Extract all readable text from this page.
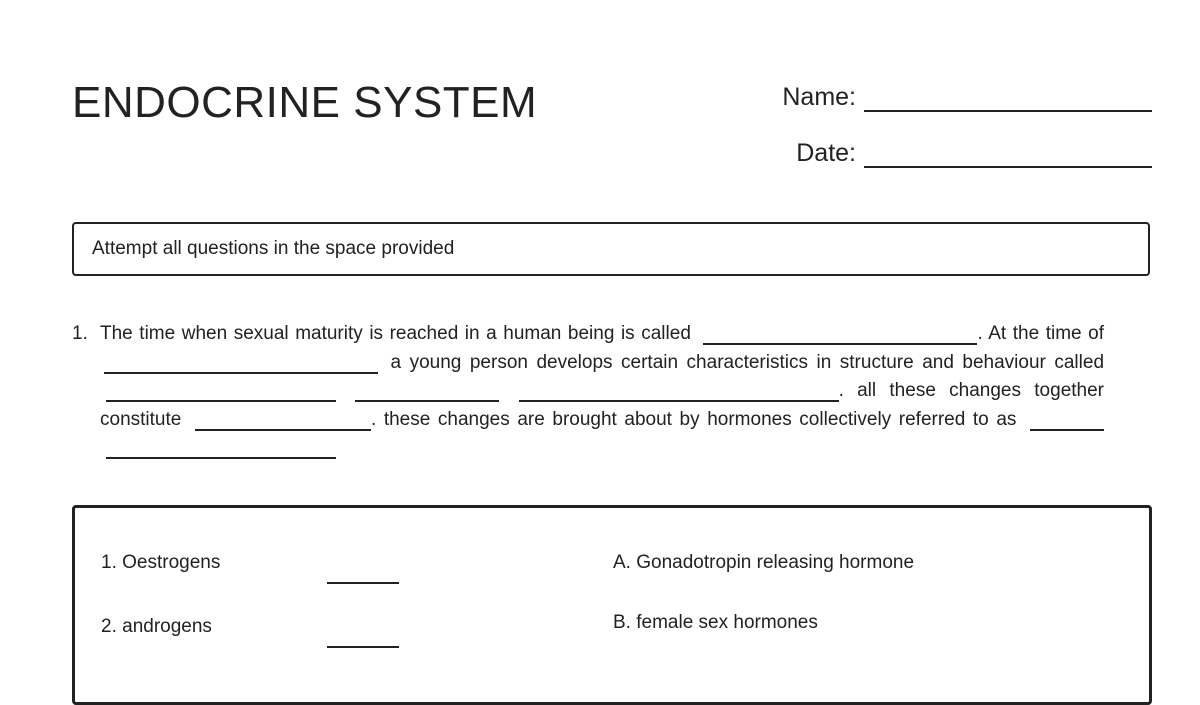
ENDOCRINE SYSTEM	Name:
Date:
Attempt all questions in the space provided
1. The time when sexual maturity is reached in a human being is called	. At the time of  a young person develops certain characteristics in structure and behaviour called   . all these changes together constitute	. these changes are brought about by hormones collectively referred to as
1. Oestrogens	A. Gonadotropin releasing hormone
2. androgens	B. female sex hormones
